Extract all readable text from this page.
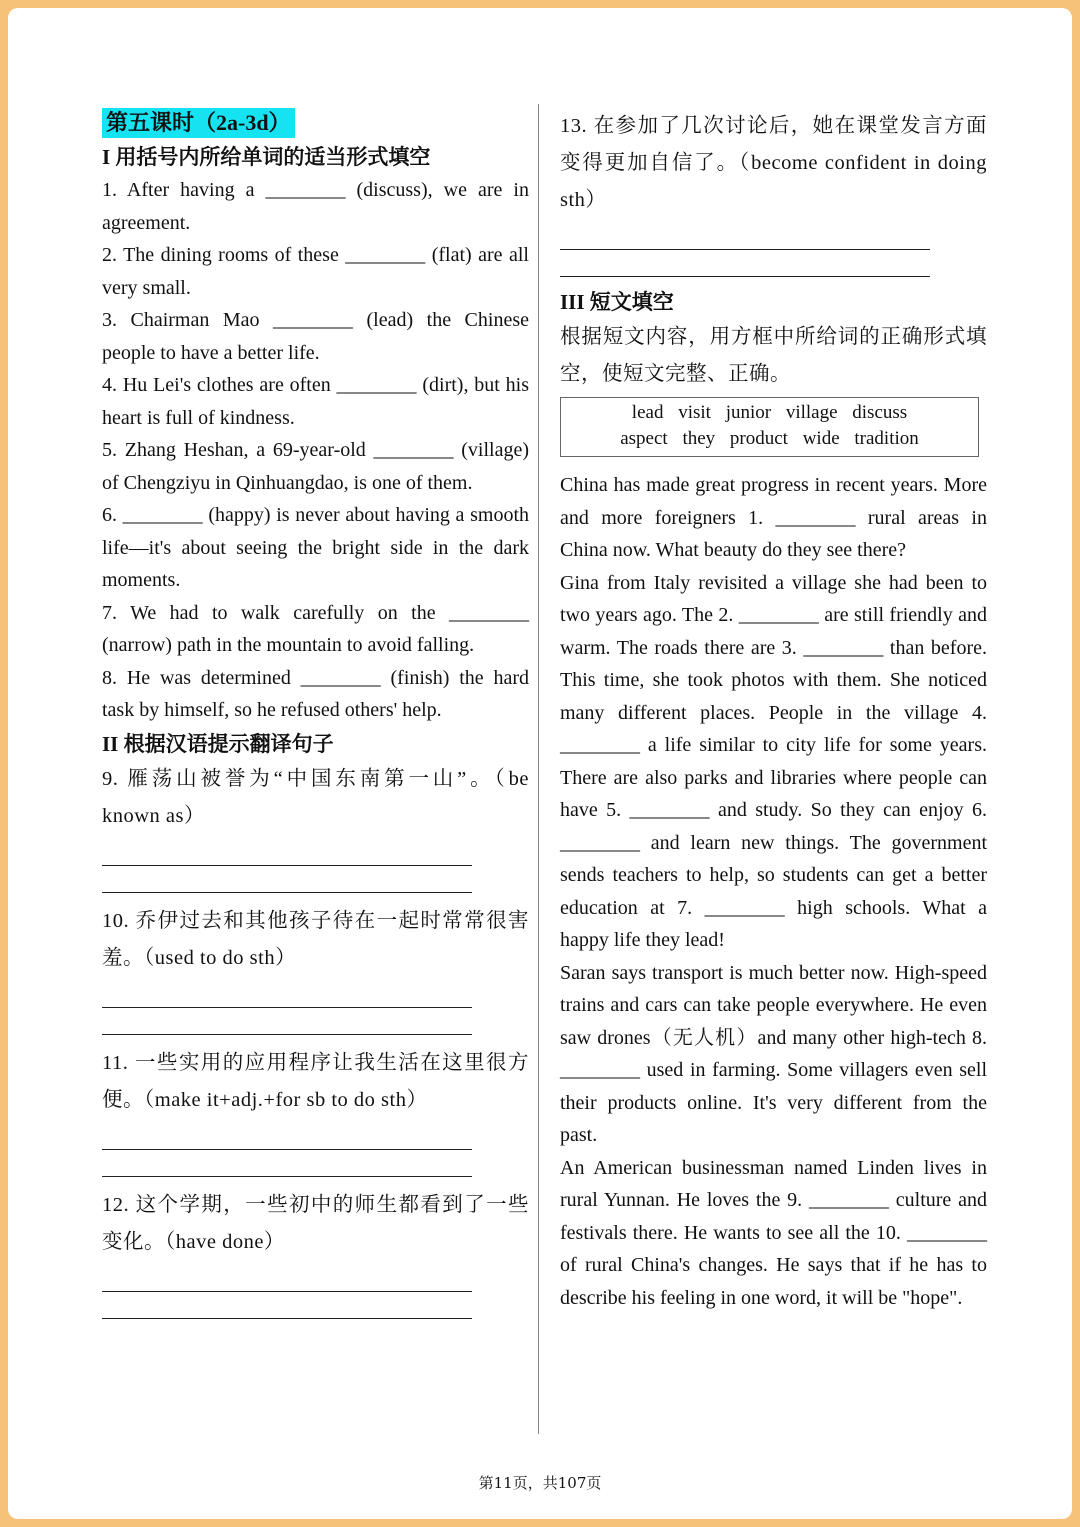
第五课时（2a-3d）
I 用括号内所给单词的适当形式填空

1. After having a ________ (discuss), we are in agreement.

2. The dining rooms of these ________ (flat) are all very small.

3. Chairman Mao ________ (lead) the Chinese people to have a better life.

4. Hu Lei's clothes are often ________ (dirt), but his heart is full of kindness.

5. Zhang Heshan, a 69-year-old ________ (village) of Chengziyu in Qinhuangdao, is one of them.

6. ________ (happy) is never about having a smooth life—it's about seeing the bright side in the dark moments.

7. We had to walk carefully on the ________ (narrow) path in the mountain to avoid falling.

8. He was determined ________ (finish) the hard task by himself, so he refused others' help.

II 根据汉语提示翻译句子

9. 雁荡山被誉为“中国东南第一山”。（be known as）

10. 乔伊过去和其他孩子待在一起时常常很害羞。（used to do sth）

11. 一些实用的应用程序让我生活在这里很方便。（make it+adj.+for sb to do sth）

12. 这个学期，一些初中的师生都看到了一些变化。（have done）

13. 在参加了几次讨论后，她在课堂发言方面变得更加自信了。（become confident in doing sth）

III 短文填空

根据短文内容，用方框中所给词的正确形式填空，使短文完整、正确。

lead visit junior village discuss
aspect they product wide tradition

China has made great progress in recent years. More and more foreigners 1. ________ rural areas in China now. What beauty do they see there?

Gina from Italy revisited a village she had been to two years ago. The 2. ________ are still friendly and warm. The roads there are 3. ________ than before. This time, she took photos with them. She noticed many different places. People in the village 4. ________ a life similar to city life for some years. There are also parks and libraries where people can have 5. ________ and study. So they can enjoy 6. ________ and learn new things. The government sends teachers to help, so students can get a better education at 7. ________ high schools. What a happy life they lead!

Saran says transport is much better now. High-speed trains and cars can take people everywhere. He even saw drones（无人机）and many other high-tech 8. ________ used in farming. Some villagers even sell their products online. It's very different from the past.

An American businessman named Linden lives in rural Yunnan. He loves the 9. ________ culture and festivals there. He wants to see all the 10. ________ of rural China's changes. He says that if he has to describe his feeling in one word, it will be "hope".

第11页，共107页
